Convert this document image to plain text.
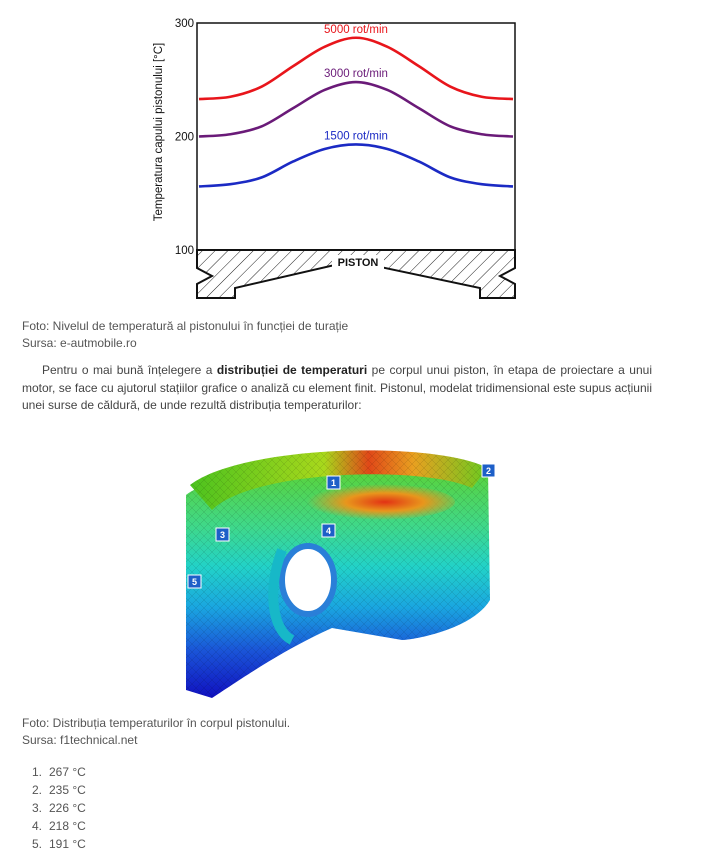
5000 rot/min
3000 rot/min
1500 rot/min
PISTON
300
200
100
Temperatura capului pistonului [°C]
Foto: Nivelul de temperatură al pistonului în funcției de turație
Sursa: e-autmobile.ro
Pentru o mai bună înțelegere a distribuției de temperaturi pe corpul unui piston, în etapa de proiectare a unui motor, se face cu ajutorul stațiilor grafice o analiză cu element finit. Pistonul, modelat tridimensional este supus acțiunii unei surse de căldură, de unde rezultă distribuția temperaturilor:
1
2
3	4
5
Foto: Distribuția temperaturilor în corpul pistonului.
Sursa: f1technical.net
1. 267 °C
2. 235 °C
3. 226 °C
4. 218 °C
5. 191 °C
